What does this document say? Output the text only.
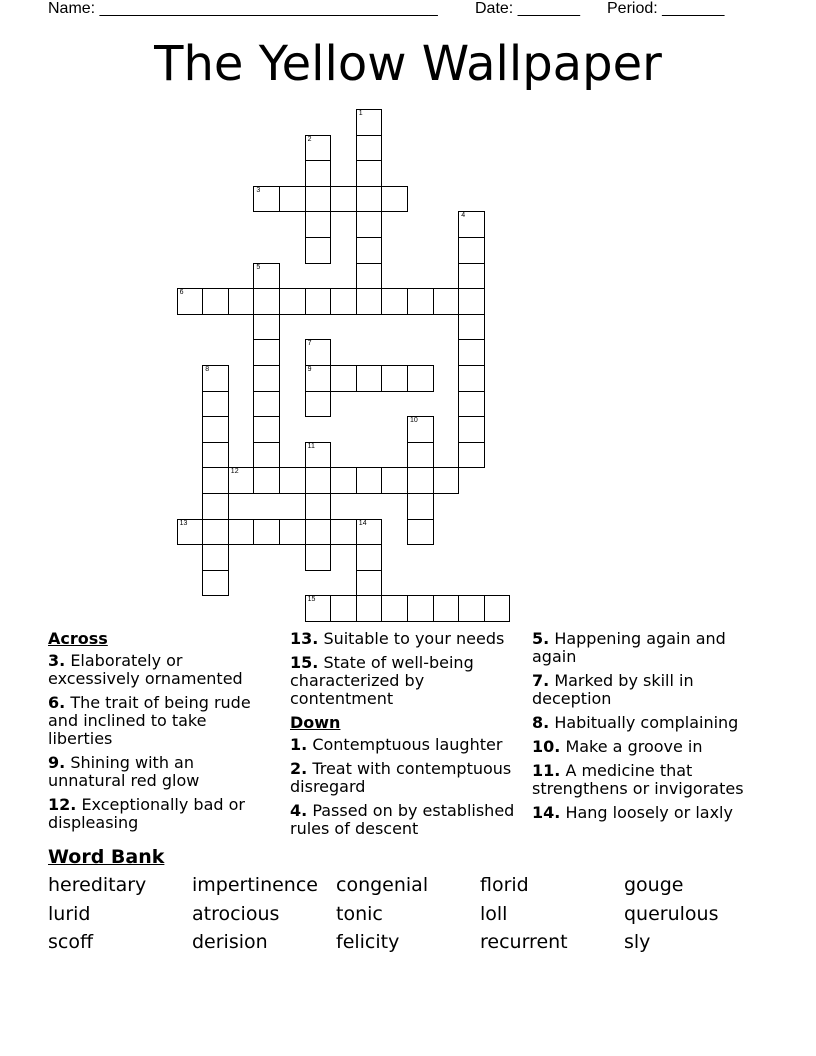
Name: ______________________________________ Date: _______ Period: _______
The Yellow Wallpaper
1
2
3
4
5
6
7
9
8
10
11
12
13	14
15
Across
3. Elaborately or excessively ornamented
6. The trait of being rude and inclined to take liberties
9. Shining with an unnatural red glow
12. Exceptionally bad or displeasing
13. Suitable to your needs
15. State of well-being characterized by contentment
Down
1. Contemptuous laughter
2. Treat with contemptuous disregard
4. Passed on by established rules of descent
5. Happening again and again
7. Marked by skill in deception
8. Habitually complaining
10. Make a groove in
11. A medicine that strengthens or invigorates
14. Hang loosely or laxly
Word Bank
hereditary impertinence congenial	florid	gouge
lurid	atrocious	tonic	loll	querulous
scoff	derision	felicity	recurrent	sly
